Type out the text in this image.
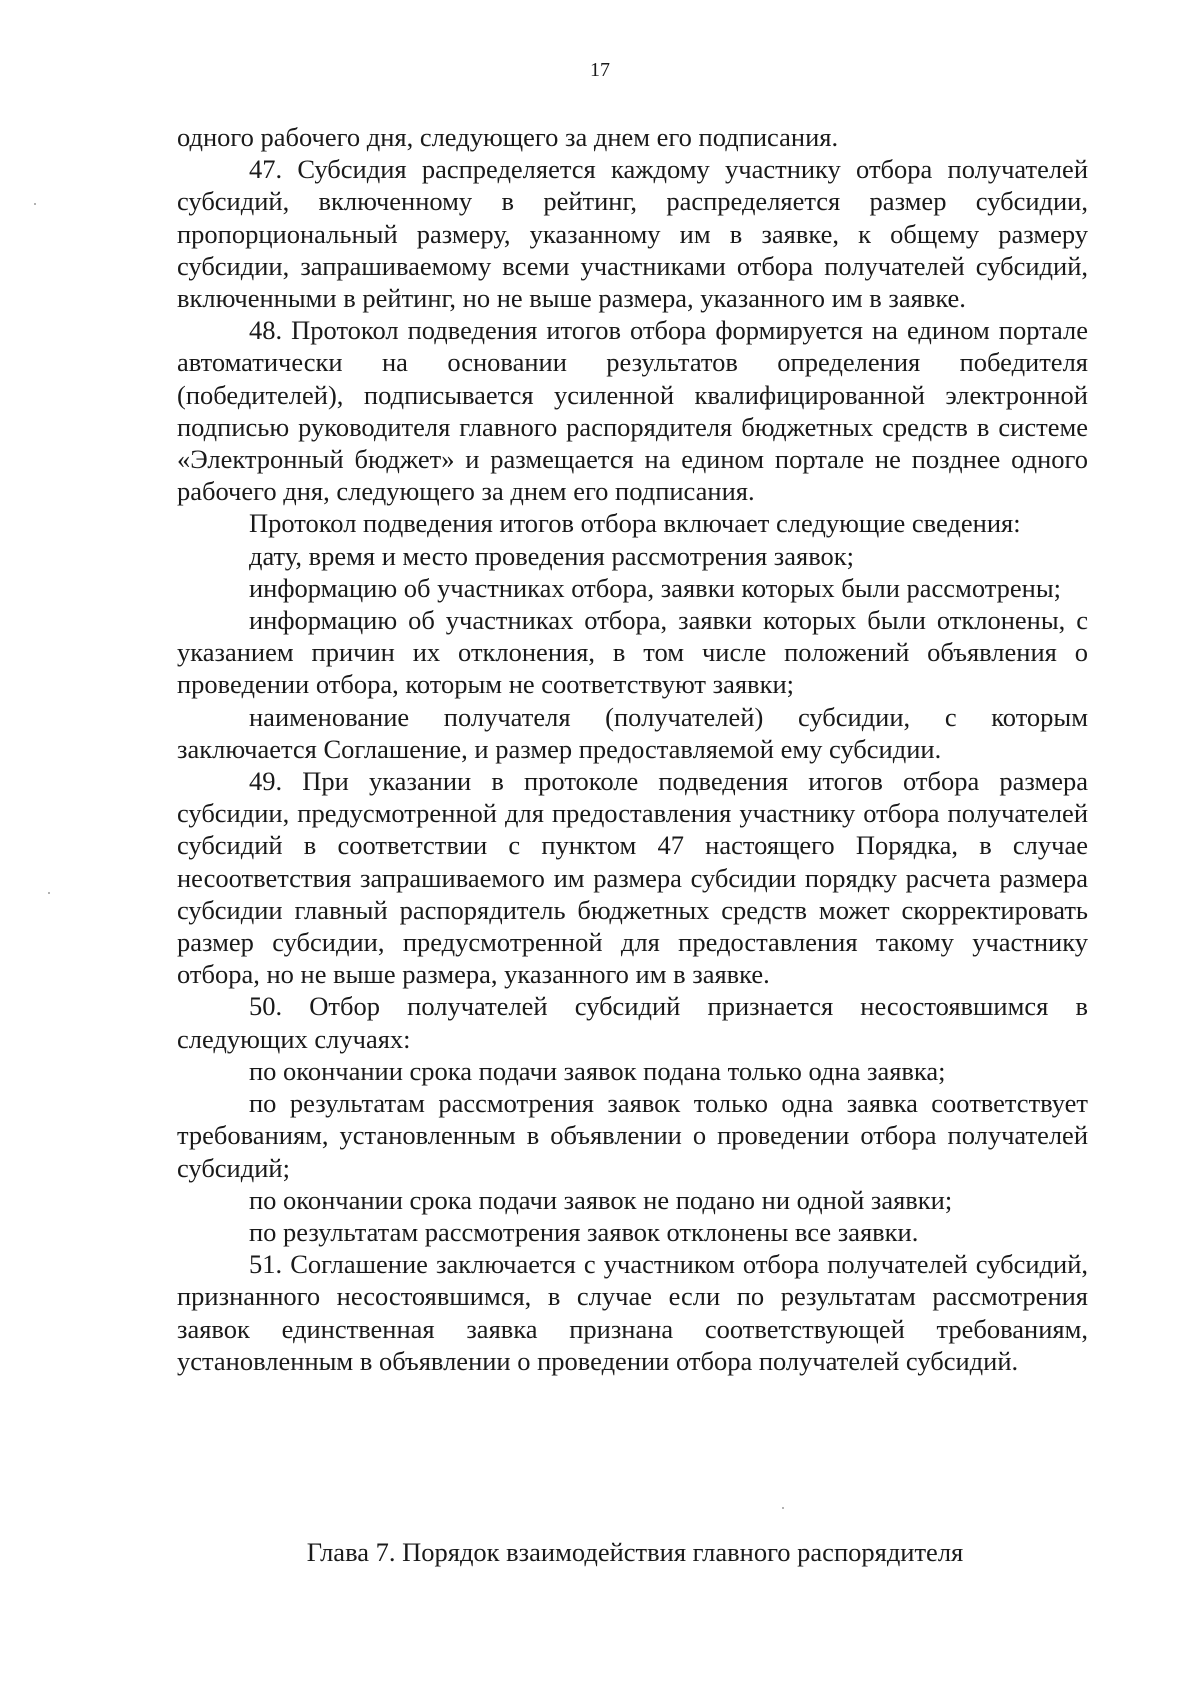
17

одного рабочего дня, следующего за днем его подписания.

47. Субсидия распределяется каждому участнику отбора получателей субсидий, включенному в рейтинг, распределяется размер субсидии, пропорциональный размеру, указанному им в заявке, к общему размеру субсидии, запрашиваемому всеми участниками отбора получателей субсидий, включенными в рейтинг, но не выше размера, указанного им в заявке.

48. Протокол подведения итогов отбора формируется на едином портале автоматически на основании результатов определения победителя (победителей), подписывается усиленной квалифицированной электронной подписью руководителя главного распорядителя бюджетных средств в системе «Электронный бюджет» и размещается на едином портале не позднее одного рабочего дня, следующего за днем его подписания.

Протокол подведения итогов отбора включает следующие сведения:

дату, время и место проведения рассмотрения заявок;

информацию об участниках отбора, заявки которых были рассмотрены;

информацию об участниках отбора, заявки которых были отклонены, с указанием причин их отклонения, в том числе положений объявления о проведении отбора, которым не соответствуют заявки;

наименование получателя (получателей) субсидии, с которым заключается Соглашение, и размер предоставляемой ему субсидии.

49. При указании в протоколе подведения итогов отбора размера субсидии, предусмотренной для предоставления участнику отбора получателей субсидий в соответствии с пунктом 47 настоящего Порядка, в случае несоответствия запрашиваемого им размера субсидии порядку расчета размера субсидии главный распорядитель бюджетных средств может скорректировать размер субсидии, предусмотренной для предоставления такому участнику отбора, но не выше размера, указанного им в заявке.

50. Отбор получателей субсидий признается несостоявшимся в следующих случаях:

по окончании срока подачи заявок подана только одна заявка;

по результатам рассмотрения заявок только одна заявка соответствует требованиям, установленным в объявлении о проведении отбора получателей субсидий;

по окончании срока подачи заявок не подано ни одной заявки;

по результатам рассмотрения заявок отклонены все заявки.

51. Соглашение заключается с участником отбора получателей субсидий, признанного несостоявшимся, в случае если по результатам рассмотрения заявок единственная заявка признана соответствующей требованиям, установленным в объявлении о проведении отбора получателей субсидий.

Глава 7. Порядок взаимодействия главного распорядителя
